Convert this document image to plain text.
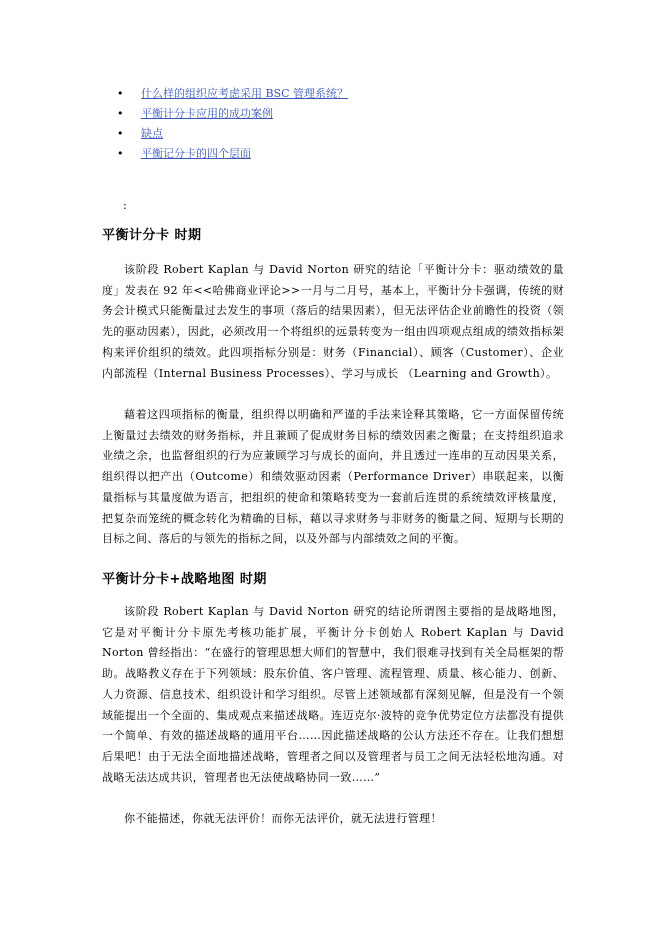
• 什么样的组织应考虑采用 BSC 管理系统？
• 平衡计分卡应用的成功案例
• 缺点
• 平衡记分卡的四个层面
:
平衡计分卡 时期

该阶段 Robert Kaplan 与 David Norton 研究的结论「平衡计分卡：驱动绩效的量度」发表在 92 年<<哈佛商业评论>>一月与二月号，基本上，平衡计分卡强调，传统的财务会计模式只能衡量过去发生的事项（落后的结果因素），但无法评估企业前瞻性的投资（领先的驱动因素），因此，必须改用一个将组织的远景转变为一组由四项观点组成的绩效指标架构来评价组织的绩效。此四项指标分别是：财务（Financial）、顾客（Customer）、企业内部流程（Internal Business Processes）、学习与成长 （Learning and Growth）。

藉着这四项指标的衡量，组织得以明确和严谨的手法来诠释其策略，它一方面保留传统上衡量过去绩效的财务指标，并且兼顾了促成财务目标的绩效因素之衡量；在支持组织追求业绩之余，也监督组织的行为应兼顾学习与成长的面向，并且透过一连串的互动因果关系，组织得以把产出（Outcome）和绩效驱动因素（Performance Driver）串联起来，以衡量指标与其量度做为语言，把组织的使命和策略转变为一套前后连贯的系统绩效评核量度，把复杂而笼统的概念转化为精确的目标，藉以寻求财务与非财务的衡量之间、短期与长期的目标之间、落后的与领先的指标之间，以及外部与内部绩效之间的平衡。

平衡计分卡+战略地图 时期

该阶段 Robert Kaplan 与 David Norton 研究的结论所谓图主要指的是战略地图，它是对平衡计分卡原先考核功能扩展，平衡计分卡创始人 Robert Kaplan 与 David Norton 曾经指出：“在盛行的管理思想大师们的智慧中，我们很难寻找到有关全局框架的帮助。战略教义存在于下列领域：股东价值、客户管理、流程管理、质量、核心能力、创新、人力资源、信息技术、组织设计和学习组织。尽管上述领域都有深刻见解，但是没有一个领域能提出一个全面的、集成观点来描述战略。连迈克尔·波特的竞争优势定位方法都没有提供一个简单、有效的描述战略的通用平台……因此描述战略的公认方法还不存在。让我们想想后果吧！由于无法全面地描述战略，管理者之间以及管理者与员工之间无法轻松地沟通。对战略无法达成共识，管理者也无法使战略协同一致……”

你不能描述，你就无法评价！而你无法评价，就无法进行管理！
